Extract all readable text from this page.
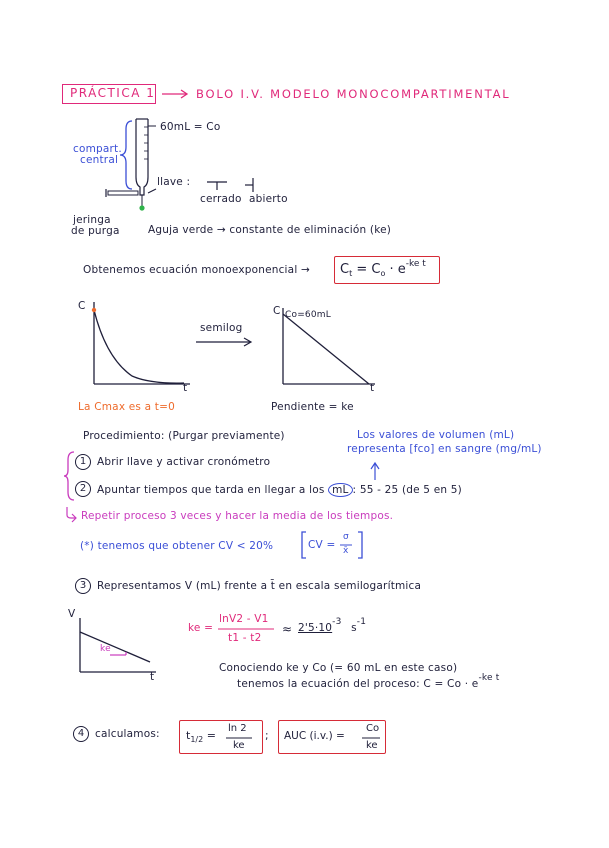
PRÁCTICA 1	BOLO I.V. MODELO MONOCOMPARTIMENTAL
60mL = Co
compart.
central
llave :
cerrado abierto
jeringa
de purga	Aguja verde → constante de eliminación (ke)
Obtenemos ecuación monoexponencial → $C_t = C_o \cdot e^{-ke t}$
C
t
semilog
C Co=60mL
t
La Cmax es a t=0	Pendiente = ke
Procedimiento: (Purgar previamente)	Los valores de volumen (mL)
representa [fco] en sangre (mg/mL)
1	Abrir llave y activar cronómetro
2	Apuntar tiempos que tarda en llegar a los mL : 55 - 25 (de 5 en 5)
Repetir proceso 3 veces y hacer la media de los tiempos.
(*) tenemos que obtener CV < 20%	CV =
σ
x̄
3	Representamos V (mL) frente a t̄ en escala semilogarítmica
V
t
ke
ke =
lnV2 - V1
t1 - t2
≈ 2'5·10-3 s-1
Conociendo ke y Co (= 60 mL en este caso)
tenemos la ecuación del proceso: C = Co · e-ke t
4	calculamos: $t_{1/2}$ =
ln 2
ke
; AUC (i.v.) =
Co
ke
